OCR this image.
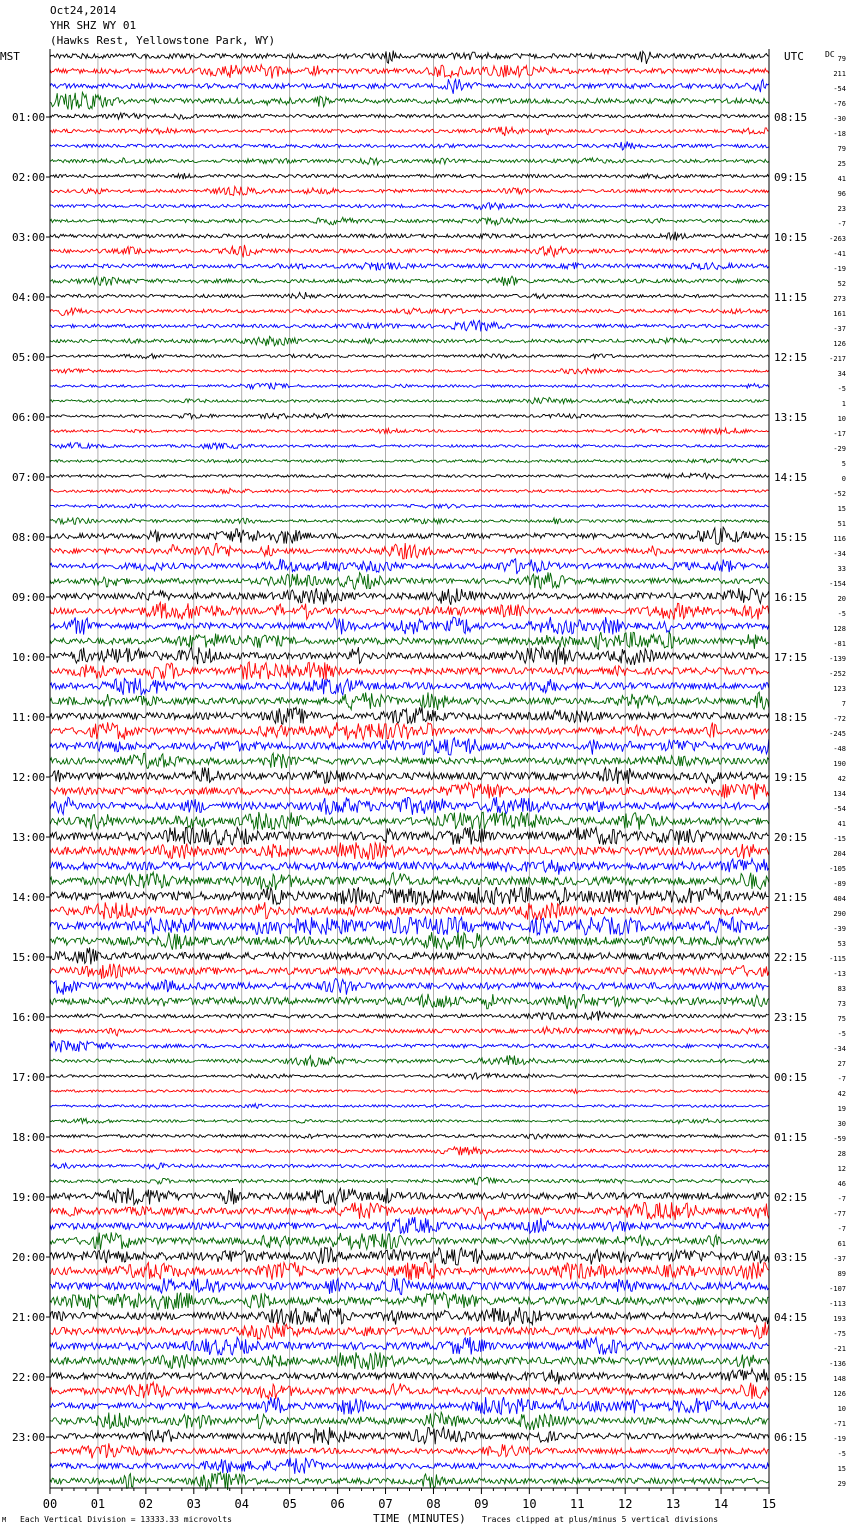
Oct24,2014
YHR SHZ WY 01
(Hawks Rest, Yellowstone Park, WY)
MST	UTC	DC
00	01	02	03	04	05	06	07	08	09	10	11	12	13	14	15
01:00
02:00
03:00
04:00
05:00
06:00
07:00
08:00
09:00
10:00
11:00
12:00
13:00
14:00
15:00
16:00
17:00
18:00
19:00
20:00
21:00
22:00
23:00
08:15
09:15
10:15
11:15
12:15
13:15
14:15
15:15
16:15
17:15
18:15
19:15
20:15
21:15
22:15
23:15
00:15
01:15
02:15
03:15
04:15
05:15
06:15
79
211
-54
-76
-30
-18
79
25
41
96
23
-7
-263
-41
-19
52
273
161
-37
126
-217
34
-5
1
10
-17
-29
5
0
-52
15
51
116
-34
33
-154
20
-5
128
-81
-139
-252
123
7
-72
-245
-48
190
42
134
-54
41
-15
204
-105
-89
404
290
-39
53
-115
-13
83
73
75
-5
-34
27
-7
42
19
30
-59
28
12
46
-7
-77
-7
61
-37
89
-107
-113
193
-75
-21
-136
148
126
10
-71
-19
-5
15
29
M Each Vertical Division = 13333.33 microvolts	TIME (MINUTES) Traces clipped at plus/minus 5 vertical divisions
